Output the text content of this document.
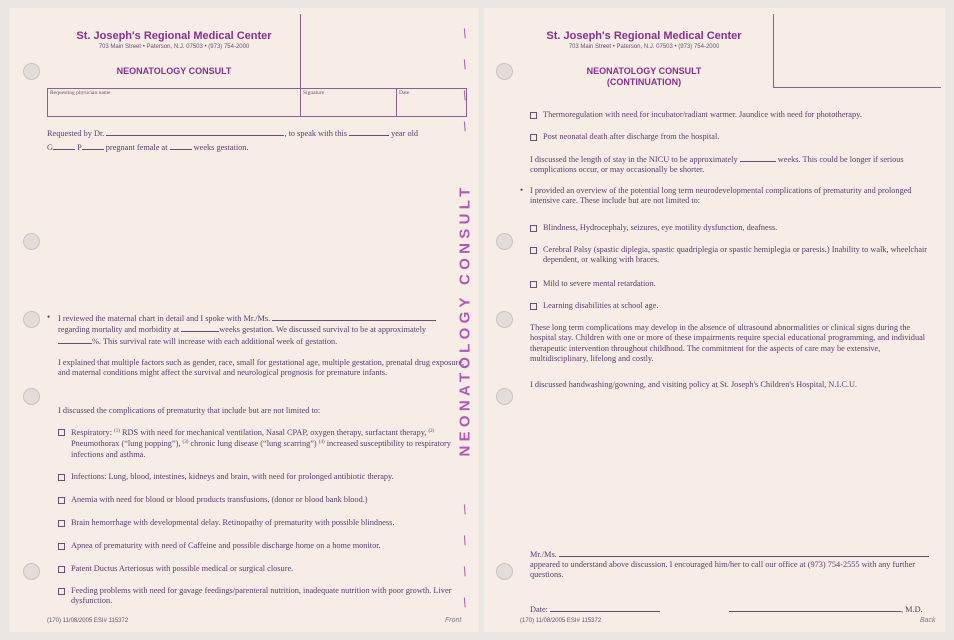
St. Joseph's Regional Medical Center
703 Main Street • Paterson, N.J. 07503 • (973) 754-2000
NEONATOLOGY CONSULT
Requesting physician name	Signature	Date
Requested by Dr.	, to speak with this	year old
G	P	pregnant female at	weeks gestation.
• I reviewed the maternal chart in detail and I spoke with Mr./Ms.
regarding mortality and morbidity at	weeks gestation. We discussed survival to be at approximately
%. This survival rate will increase with each additional week of gestation.
I explained that multiple factors such as gender, race, small for gestational age, multiple gestation, prenatal drug exposure, and maternal conditions might affect the survival and neurological prognosis for premature infants.
I discussed the complications of prematurity that include but are not limited to:
Respiratory: $^{(1)}$ RDS with need for mechanical ventilation, Nasal CPAP, oxygen therapy, surfactant therapy, $^{(2)}$ Pneumothorax (“lung popping”), $^{(3)}$ chronic lung disease (“lung scarring”) $^{(4)}$ increased susceptibility to respiratory infections and asthma.
Infections: Lung, blood, intestines, kidneys and brain, with need for prolonged antibiotic therapy.
Anemia with need for blood or blood products transfusions, (donor or blood bank blood.)
Brain hemorrhage with developmental delay. Retinopathy of prematurity with possible blindness.
Apnea of prematurity with need of Caffeine and possible discharge home on a home monitor.
Patent Ductus Arteriosus with possible medical or surgical closure.
Feeding problems with need for gavage feedings/parenteral nutrition, inadequate nutrition with poor growth. Liver dysfunction.
(170) 11/08/2005 ESI# 115372	Front
/
/
/
/
NEONATOLOGY CONSULT
/
/
/
/
St. Joseph's Regional Medical Center
703 Main Street • Paterson, N.J. 07503 • (973) 754-2000
NEONATOLOGY CONSULT
(CONTINUATION)
Thermoregulation with need for incubator/radiant warmer. Jaundice with need for phototherapy.
Post neonatal death after discharge from the hospital.
I discussed the length of stay in the NICU to be approximately	weeks. This could be longer if serious complications occur, or may occasionally be shorter.
• I provided an overview of the potential long term neurodevelopmental complications of prematurity and prolonged intensive care. These include but are not limited to:
Blindness, Hydrocephaly, seizures, eye motility dysfunction, deafness.
Cerebral Palsy (spastic diplegia, spastic quadriplegia or spastic hemiplegia or paresis.) Inability to walk, wheelchair dependent, or walking with braces.
Mild to severe mental retardation.
Learning disabilities at school age.
These long term complications may develop in the absence of ultrasound abnormalities or clinical signs during the hospital stay. Children with one or more of these impairments require special educational programming, and individual therapeutic intervention throughout childhood. The commitment for the aspects of care may be extensive, multidisciplinary, lifelong and costly.
I discussed handwashing/gowning, and visiting policy at St. Joseph's Children's Hospital, N.I.C.U.
Mr./Ms.
appeared to understand above discussion. I encouraged him/her to call our office at (973) 754-2555 with any further questions.
Date:	, M.D.
(170) 11/08/2005 ESI# 115372	Back
